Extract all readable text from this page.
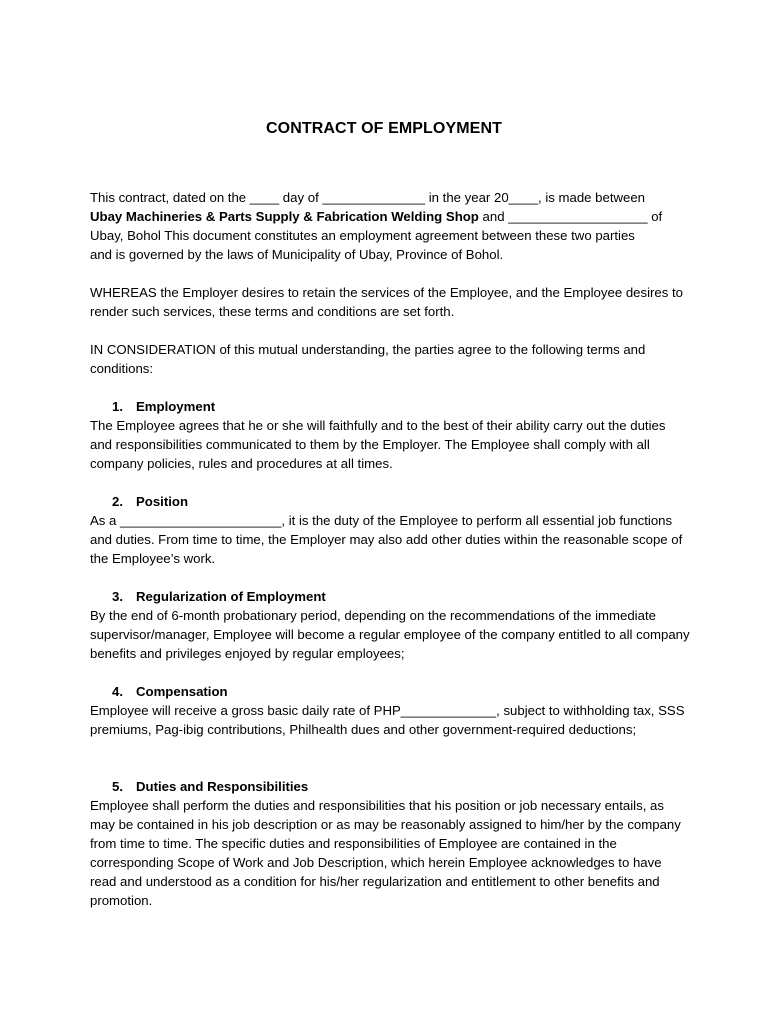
CONTRACT OF EMPLOYMENT

This contract, dated on the ____ day of ______________ in the year 20____, is made between
Ubay Machineries & Parts Supply & Fabrication Welding Shop and ___________________ of
Ubay, Bohol This document constitutes an employment agreement between these two parties
and is governed by the laws of Municipality of Ubay, Province of Bohol.

WHEREAS the Employer desires to retain the services of the Employee, and the Employee desires to render such services, these terms and conditions are set forth.

IN CONSIDERATION of this mutual understanding, the parties agree to the following terms and conditions:

1. Employment

The Employee agrees that he or she will faithfully and to the best of their ability carry out the duties and responsibilities communicated to them by the Employer. The Employee shall comply with all company policies, rules and procedures at all times.

2. Position

As a ______________________, it is the duty of the Employee to perform all essential job functions and duties. From time to time, the Employer may also add other duties within the reasonable scope of the Employee’s work.

3. Regularization of Employment

By the end of 6-month probationary period, depending on the recommendations of the immediate supervisor/manager, Employee will become a regular employee of the company entitled to all company benefits and privileges enjoyed by regular employees;

4. Compensation

Employee will receive a gross basic daily rate of PHP_____________, subject to withholding tax, SSS premiums, Pag-ibig contributions, Philhealth dues and other government-required deductions;

5. Duties and Responsibilities

Employee shall perform the duties and responsibilities that his position or job necessary entails, as may be contained in his job description or as may be reasonably assigned to him/her by the company from time to time. The specific duties and responsibilities of Employee are contained in the corresponding Scope of Work and Job Description, which herein Employee acknowledges to have read and understood as a condition for his/her regularization and entitlement to other benefits and promotion.
